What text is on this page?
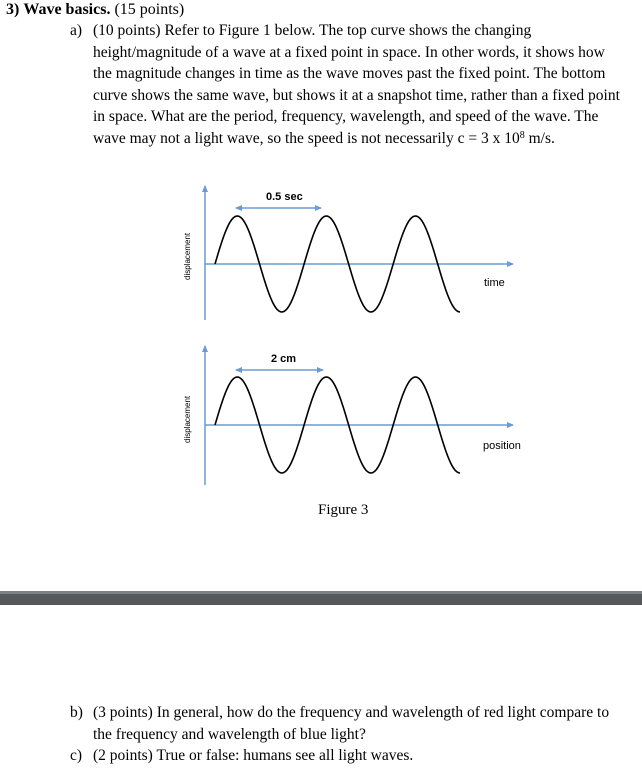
3) Wave basics. (15 points)
a) (10 points) Refer to Figure 1 below. The top curve shows the changing height/magnitude of a wave at a fixed point in space. In other words, it shows how the magnitude changes in time as the wave moves past the fixed point. The bottom curve shows the same wave, but shows it at a snapshot time, rather than a fixed point in space. What are the period, frequency, wavelength, and speed of the wave. The wave may not a light wave, so the speed is not necessarily c = 3 x $10^8$ m/s.
0.5 sec
time
displacement
2 cm
position
displacement
Figure 3
b) (3 points) In general, how do the frequency and wavelength of red light compare to the frequency and wavelength of blue light?
c) (2 points) True or false: humans see all light waves.
